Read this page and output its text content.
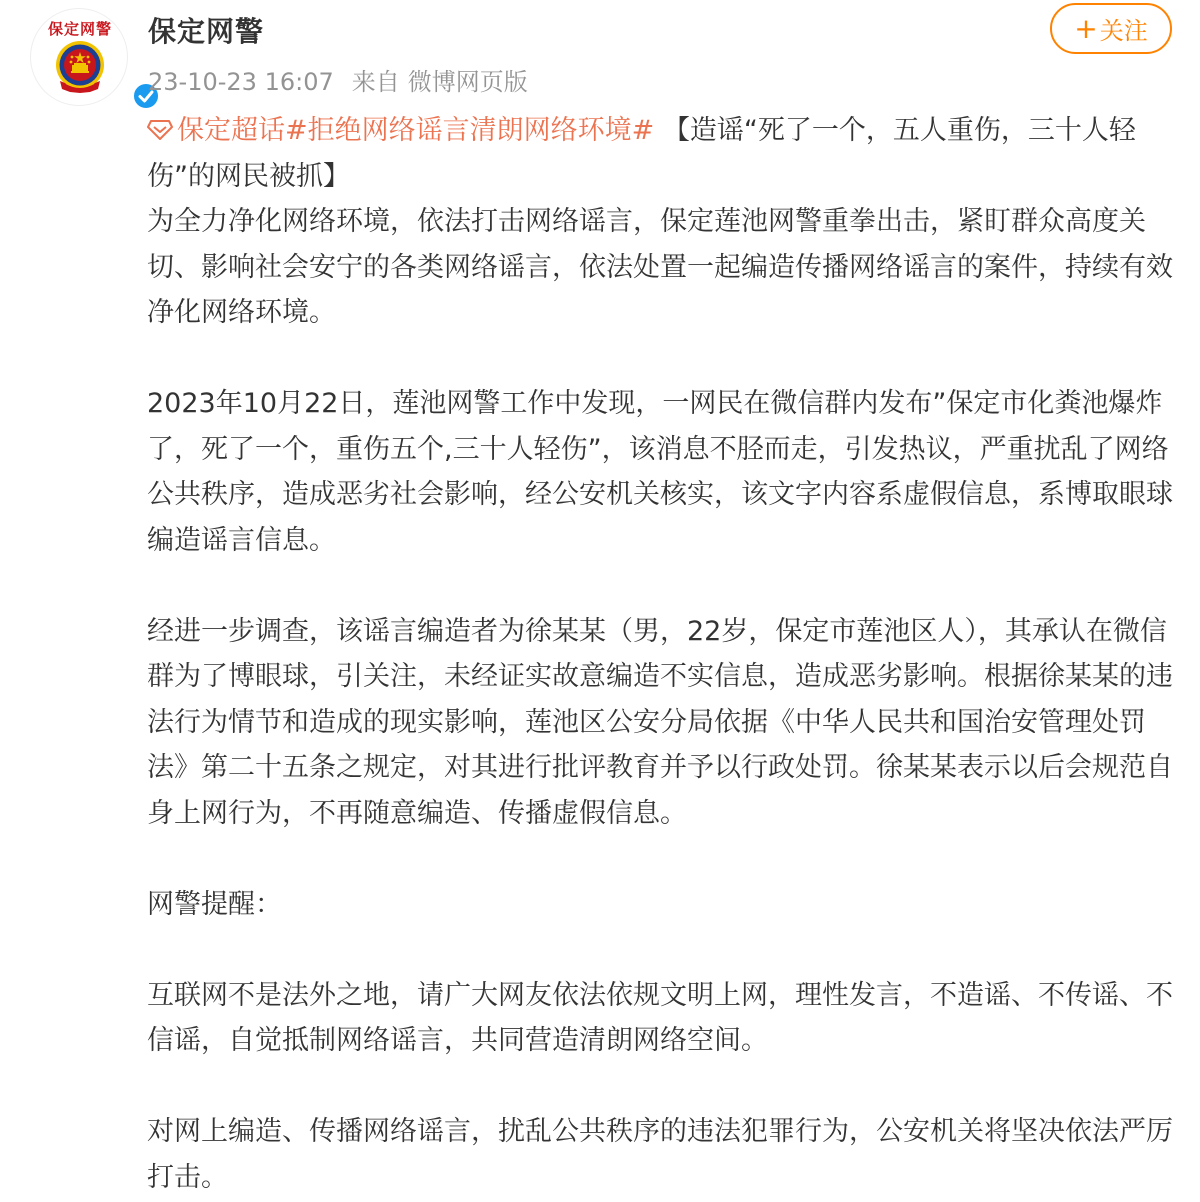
保定网警	保定网警
23-10-23 16:07 来自 微博网页版
+ 关注

保定超话#拒绝网络谣言清朗网络环境# 【造谣“死了一个，五人重伤，三十人轻伤”的网民被抓】

为全力净化网络环境，依法打击网络谣言，保定莲池网警重拳出击，紧盯群众高度关切、影响社会安宁的各类网络谣言，依法处置一起编造传播网络谣言的案件，持续有效净化网络环境。

2023年10月22日，莲池网警工作中发现，一网民在微信群内发布”保定市化粪池爆炸了，死了一个，重伤五个,三十人轻伤”，该消息不胫而走，引发热议，严重扰乱了网络公共秩序，造成恶劣社会影响，经公安机关核实，该文字内容系虚假信息，系博取眼球编造谣言信息。

经进一步调查，该谣言编造者为徐某某（男，22岁，保定市莲池区人），其承认在微信群为了博眼球，引关注，未经证实故意编造不实信息，造成恶劣影响。根据徐某某的违法行为情节和造成的现实影响，莲池区公安分局依据《中华人民共和国治安管理处罚法》第二十五条之规定，对其进行批评教育并予以行政处罚。徐某某表示以后会规范自身上网行为，不再随意编造、传播虚假信息。

网警提醒：

互联网不是法外之地，请广大网友依法依规文明上网，理性发言，不造谣、不传谣、不信谣，自觉抵制网络谣言，共同营造清朗网络空间。

对网上编造、传播网络谣言，扰乱公共秩序的违法犯罪行为，公安机关将坚决依法严厉打击。
